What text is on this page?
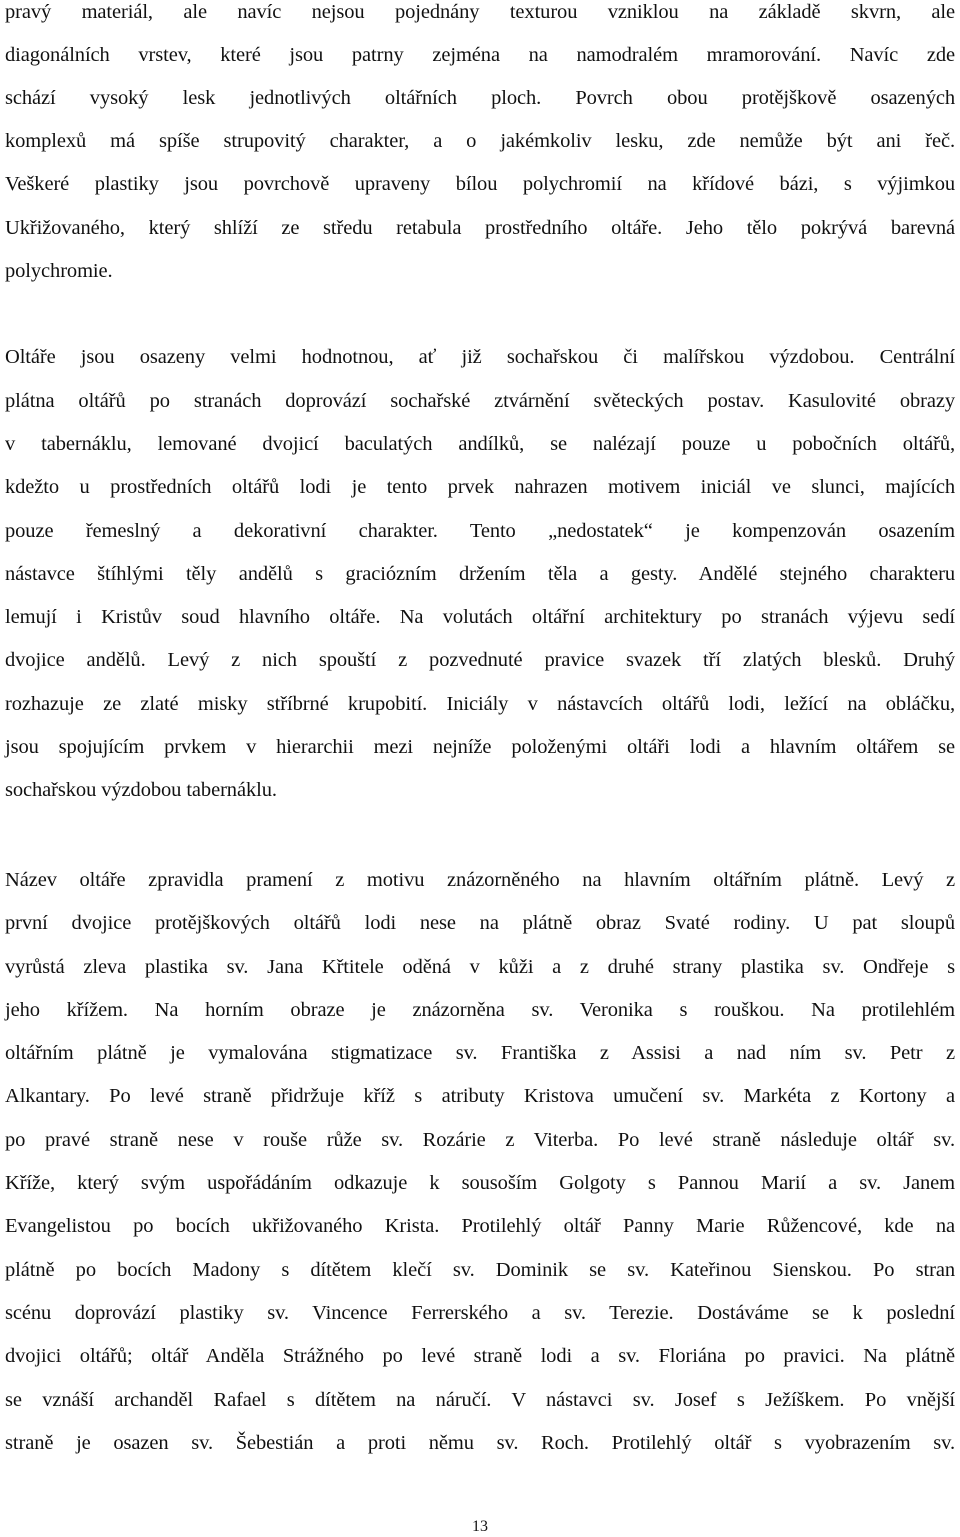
pravý materiál, ale navíc nejsou pojednány texturou vzniklou na základě skvrn, ale
diagonálních vrstev, které jsou patrny zejména na namodralém mramorování. Navíc zde
schází vysoký lesk jednotlivých oltářních ploch. Povrch obou protějškově osazených
komplexů má spíše strupovitý charakter, a o jakémkoliv lesku, zde nemůže být ani řeč.
Veškeré plastiky jsou povrchově upraveny bílou polychromií na křídové bázi, s výjimkou
Ukřižovaného, který shlíží ze středu retabula prostředního oltáře. Jeho tělo pokrývá barevná
polychromie.
Oltáře jsou osazeny velmi hodnotnou, ať již sochařskou či malířskou výzdobou. Centrální
plátna oltářů po stranách doprovází sochařské ztvárnění světeckých postav. Kasulovité obrazy
v tabernáklu, lemované dvojicí baculatých andílků, se nalézají pouze u pobočních oltářů,
kdežto u prostředních oltářů lodi je tento prvek nahrazen motivem iniciál ve slunci, majících
pouze řemeslný a dekorativní charakter. Tento „nedostatek“ je kompenzován osazením
nástavce štíhlými těly andělů s graciózním držením těla a gesty. Andělé stejného charakteru
lemují i Kristův soud hlavního oltáře. Na volutách oltářní architektury po stranách výjevu sedí
dvojice andělů. Levý z nich spouští z pozvednuté pravice svazek tří zlatých blesků. Druhý
rozhazuje ze zlaté misky stříbrné krupobití. Iniciály v nástavcích oltářů lodi, ležící na obláčku,
jsou spojujícím prvkem v hierarchii mezi nejníže položenými oltáři lodi a hlavním oltářem se
sochařskou výzdobou tabernáklu.
Název oltáře zpravidla pramení z motivu znázorněného na hlavním oltářním plátně. Levý z
první dvojice protějškových oltářů lodi nese na plátně obraz Svaté rodiny. U pat sloupů
vyrůstá zleva plastika sv. Jana Křtitele oděná v kůži a z druhé strany plastika sv. Ondřeje s
jeho křížem. Na horním obraze je znázorněna sv. Veronika s rouškou. Na protilehlém
oltářním plátně je vymalována stigmatizace sv. Františka z Assisi a nad ním sv. Petr z
Alkantary. Po levé straně přidržuje kříž s atributy Kristova umučení sv. Markéta z Kortony a
po pravé straně nese v rouše růže sv. Rozárie z Viterba. Po levé straně následuje oltář sv.
Kříže, který svým uspořádáním odkazuje k sousoším Golgoty s Pannou Marií a sv. Janem
Evangelistou po bocích ukřižovaného Krista. Protilehlý oltář Panny Marie Růžencové, kde na
plátně po bocích Madony s dítětem klečí sv. Dominik se sv. Kateřinou Sienskou. Po stran
scénu doprovází plastiky sv. Vincence Ferrerského a sv. Terezie. Dostáváme se k poslední
dvojici oltářů; oltář Anděla Strážného po levé straně lodi a sv. Floriána po pravici. Na plátně
se vznáší archanděl Rafael s dítětem na náručí. V nástavci sv. Josef s Ježíškem. Po vnější
straně je osazen sv. Šebestián a proti němu sv. Roch. Protilehlý oltář s vyobrazením sv.
13
